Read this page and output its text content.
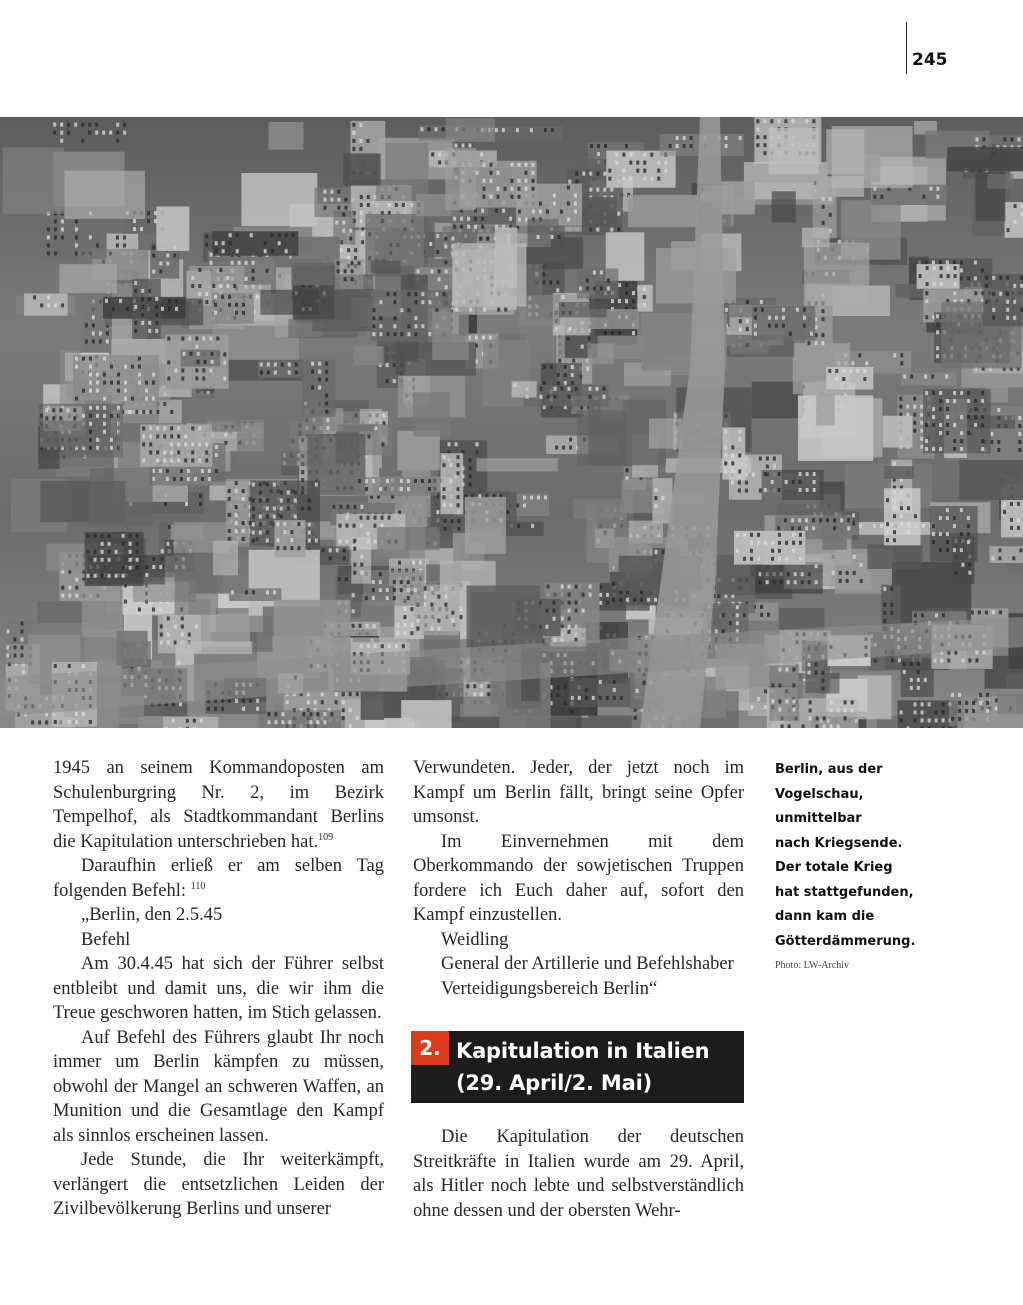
245

1945 an seinem Kommandoposten am Schulenburgring Nr. 2, im Bezirk Tempelhof, als Stadtkommandant Berlins die Kapitulation unterschrieben hat.$^{109}$

Daraufhin erließ er am selben Tag folgenden Befehl: $^{110}$

„Berlin, den 2.5.45

Befehl

Am 30.4.45 hat sich der Führer selbst entbleibt und damit uns, die wir ihm die Treue geschworen hatten, im Stich gelassen.

Auf Befehl des Führers glaubt Ihr noch immer um Berlin kämpfen zu müssen, obwohl der Mangel an schweren Waffen, an Munition und die Gesamtlage den Kampf als sinnlos erscheinen lassen.

Jede Stunde, die Ihr weiterkämpft, verlängert die entsetzlichen Leiden der Zivilbevölkerung Berlins und unserer

Verwundeten. Jeder, der jetzt noch im Kampf um Berlin fällt, bringt seine Opfer umsonst.

Im Einvernehmen mit dem Oberkommando der sowjetischen Truppen fordere ich Euch daher auf, sofort den Kampf einzustellen.

Weidling

General der Artillerie und Befehlshaber Verteidigungsbereich Berlin“

2. Kapitulation in Italien
(29. April/2. Mai)

Die Kapitulation der deutschen Streitkräfte in Italien wurde am 29. April, als Hitler noch lebte und selbstverständlich ohne dessen und der obersten Wehr-

Berlin, aus der
Vogelschau,
unmittelbar
nach Kriegsende.
Der totale Krieg
hat stattgefunden,
dann kam die
Götterdämmerung.
Photo: LW-Archiv
